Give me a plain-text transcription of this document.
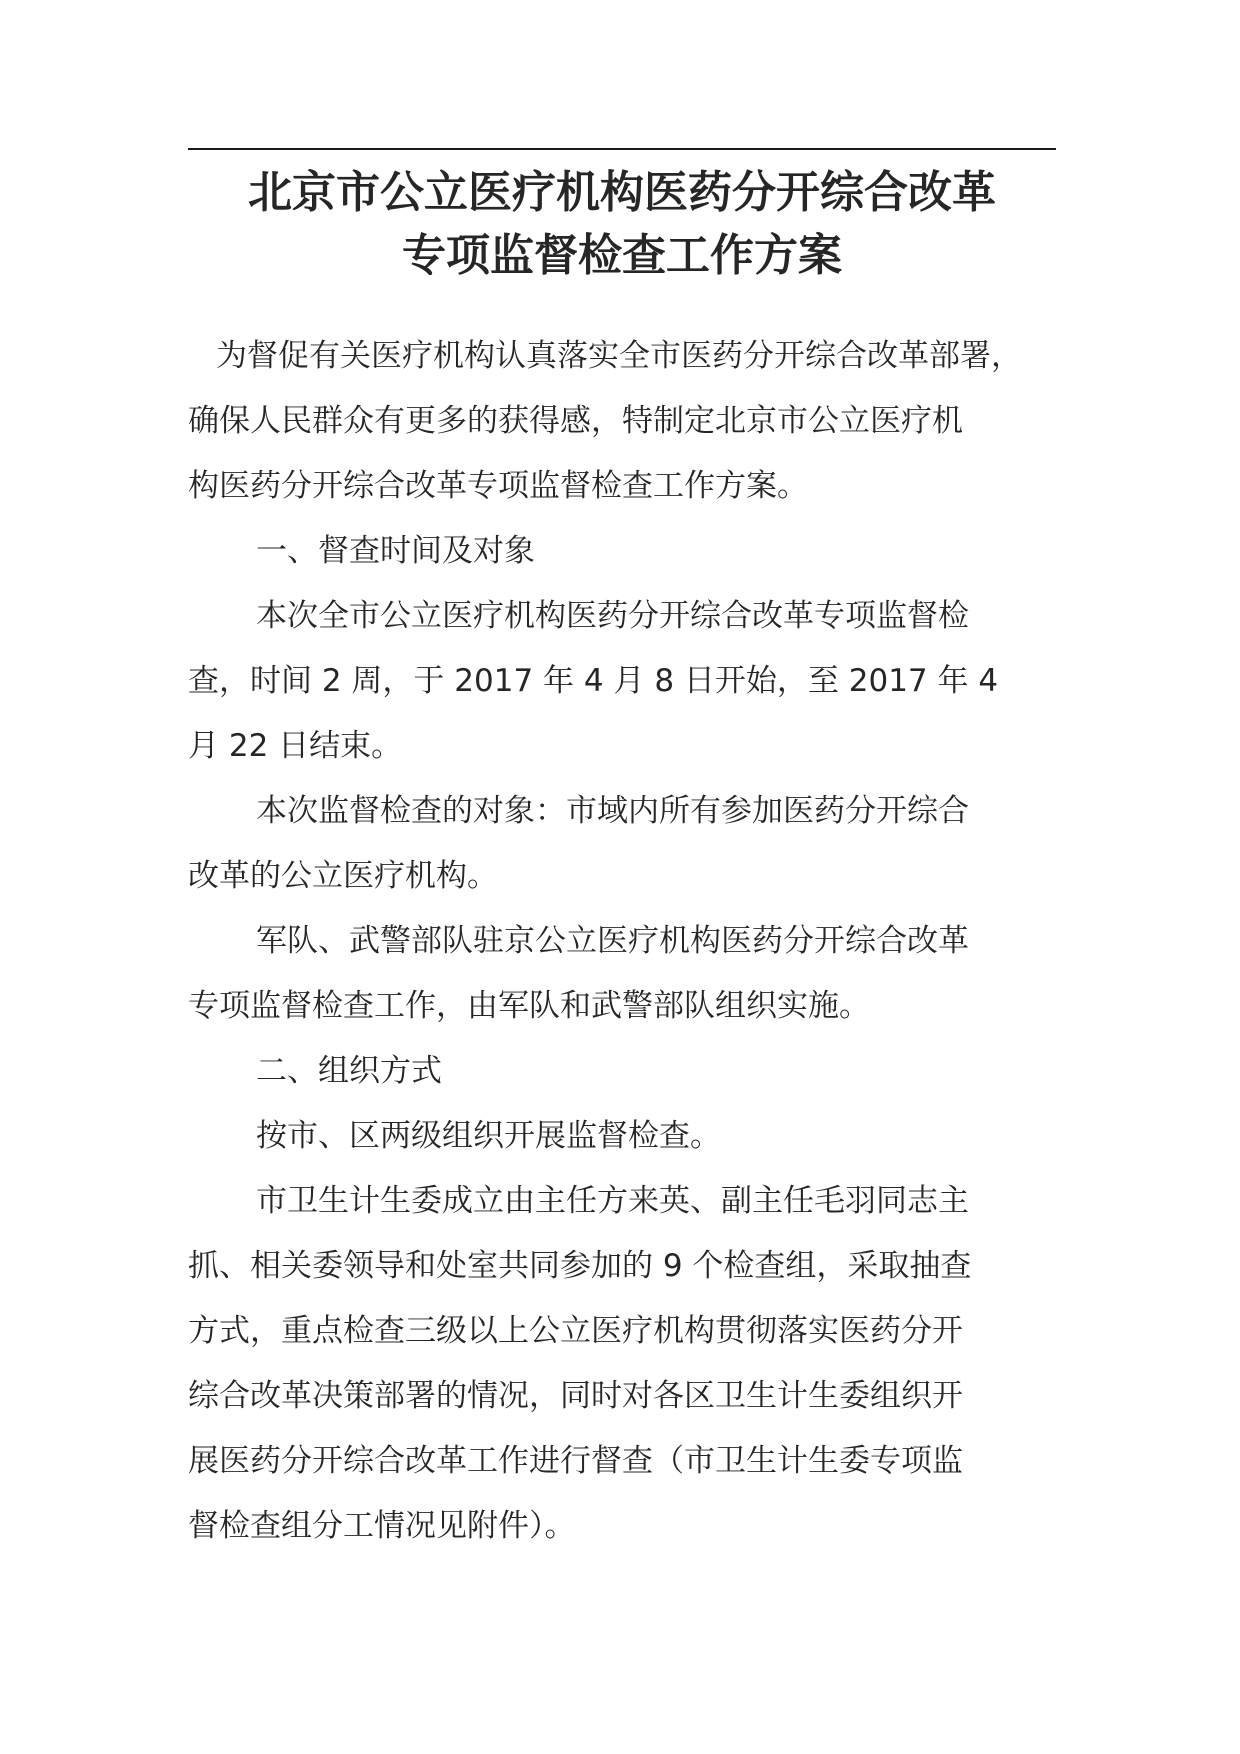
北京市公立医疗机构医药分开综合改革
专项监督检查工作方案
为督促有关医疗机构认真落实全市医药分开综合改革部署，
确保人民群众有更多的获得感，特制定北京市公立医疗机
构医药分开综合改革专项监督检查工作方案。
一、督查时间及对象
本次全市公立医疗机构医药分开综合改革专项监督检
查，时间 2 周，于 2017 年 4 月 8 日开始，至 2017 年 4
月 22 日结束。
本次监督检查的对象：市域内所有参加医药分开综合
改革的公立医疗机构。
军队、武警部队驻京公立医疗机构医药分开综合改革
专项监督检查工作，由军队和武警部队组织实施。
二、组织方式
按市、区两级组织开展监督检查。
市卫生计生委成立由主任方来英、副主任毛羽同志主
抓、相关委领导和处室共同参加的 9 个检查组，采取抽查
方式，重点检查三级以上公立医疗机构贯彻落实医药分开
综合改革决策部署的情况，同时对各区卫生计生委组织开
展医药分开综合改革工作进行督查（市卫生计生委专项监
督检查组分工情况见附件）。
